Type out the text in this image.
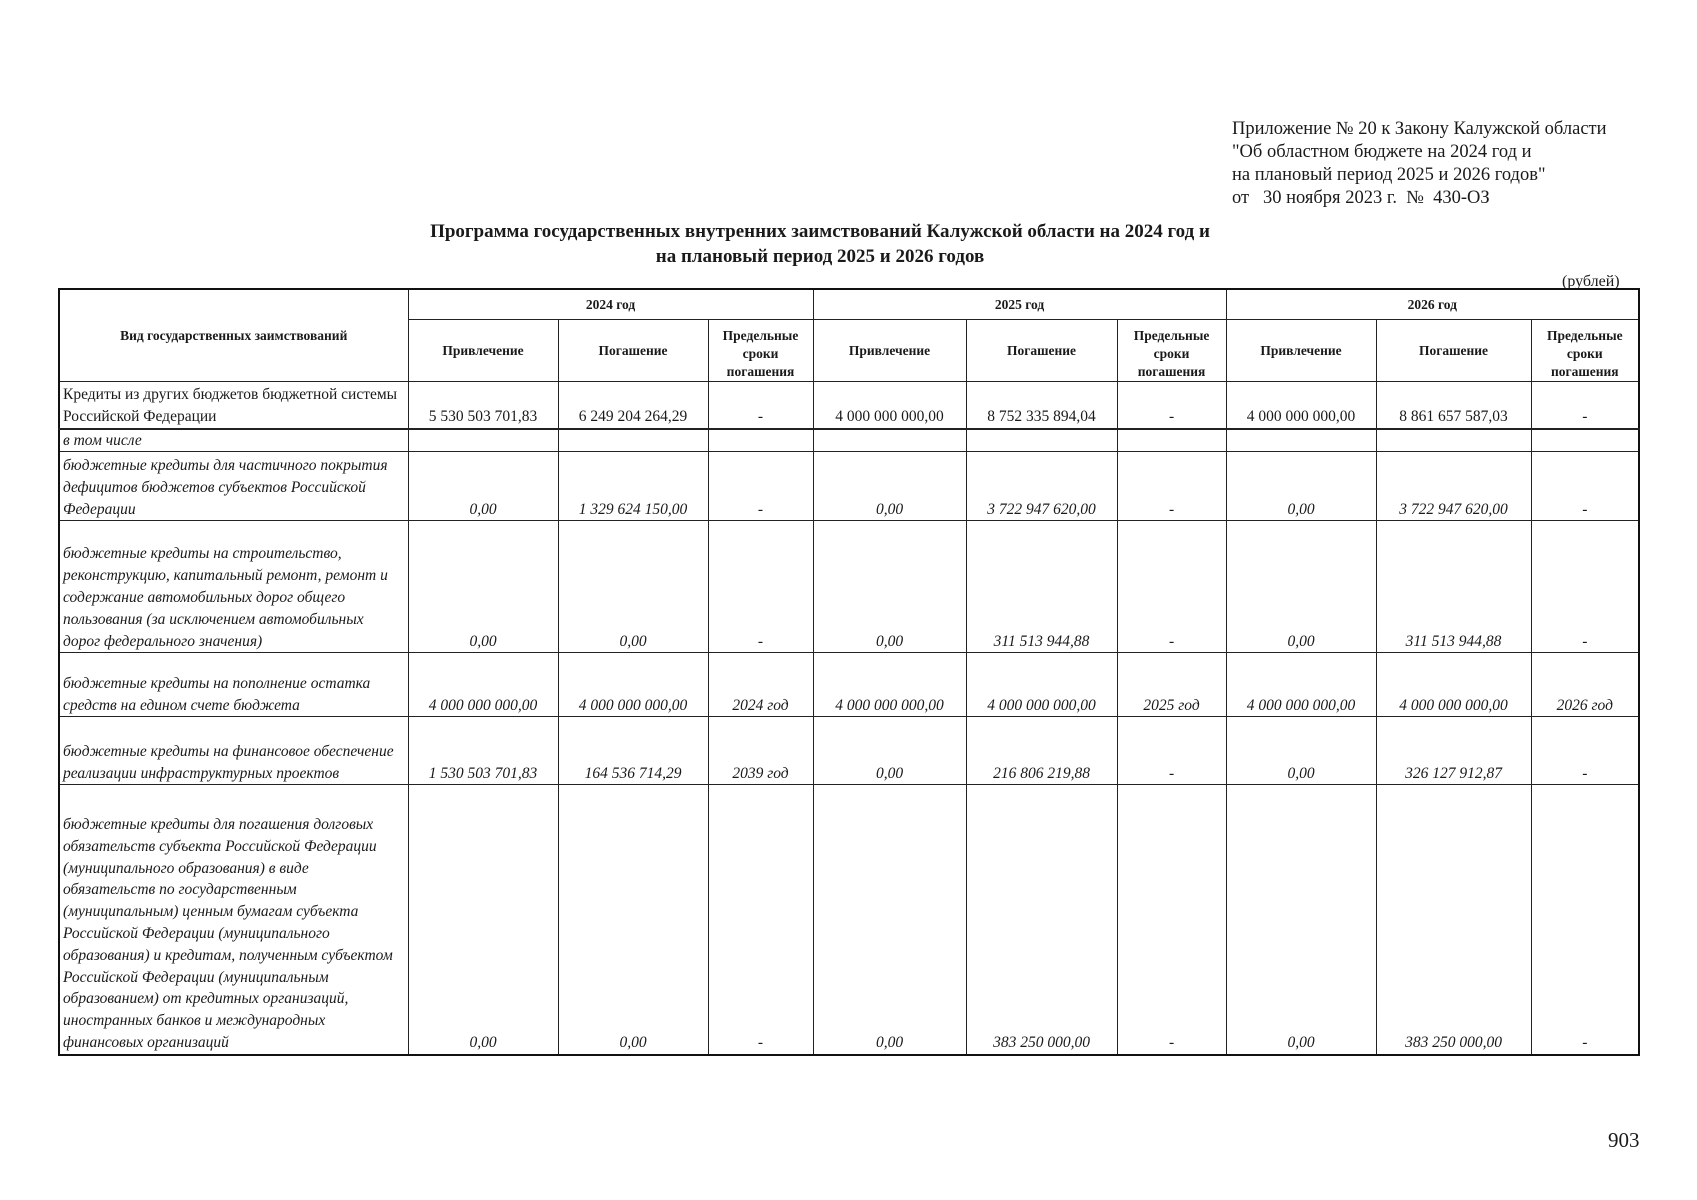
Приложение № 20 к Закону Калужской области
"Об областном бюджете на 2024 год и
на плановый период 2025 и 2026 годов"
от   30 ноября 2023 г.  №  430-ОЗ
Программа государственных внутренних заимствований Калужской области на 2024 год и
на плановый период 2025 и 2026 годов
(рублей)
Вид государственных заимствований	2024 год			2025 год			2026 год		
	Привлечение	Погашение	Предельные сроки погашения	Привлечение	Погашение	Предельные сроки погашения	Привлечение	Погашение	Предельные сроки погашения
Кредиты из других бюджетов бюджетной системы Российской Федерации	5 530 503 701,83	6 249 204 264,29	-	4 000 000 000,00	8 752 335 894,04	-	4 000 000 000,00	8 861 657 587,03	-
в том числе									
бюджетные кредиты для частичного покрытия дефицитов бюджетов субъектов Российской Федерации	0,00	1 329 624 150,00	-	0,00	3 722 947 620,00	-	0,00	3 722 947 620,00	-
бюджетные кредиты на строительство, реконструкцию, капитальный ремонт, ремонт и содержание автомобильных дорог общего пользования (за исключением автомобильных дорог федерального значения)	0,00	0,00	-	0,00	311 513 944,88	-	0,00	311 513 944,88	-
бюджетные кредиты на пополнение остатка средств на едином счете бюджета	4 000 000 000,00	4 000 000 000,00	2024 год	4 000 000 000,00	4 000 000 000,00	2025 год	4 000 000 000,00	4 000 000 000,00	2026 год
бюджетные кредиты на финансовое обеспечение реализации инфраструктурных проектов	1 530 503 701,83	164 536 714,29	2039 год	0,00	216 806 219,88	-	0,00	326 127 912,87	-
бюджетные кредиты для погашения долговых обязательств субъекта Российской Федерации (муниципального образования) в виде обязательств по государственным (муниципальным) ценным бумагам субъекта Российской Федерации (муниципального образования) и кредитам, полученным субъектом Российской Федерации (муниципальным образованием) от кредитных организаций, иностранных банков и международных финансовых организаций	0,00	0,00	-	0,00	383 250 000,00	-	0,00	383 250 000,00	-
903
